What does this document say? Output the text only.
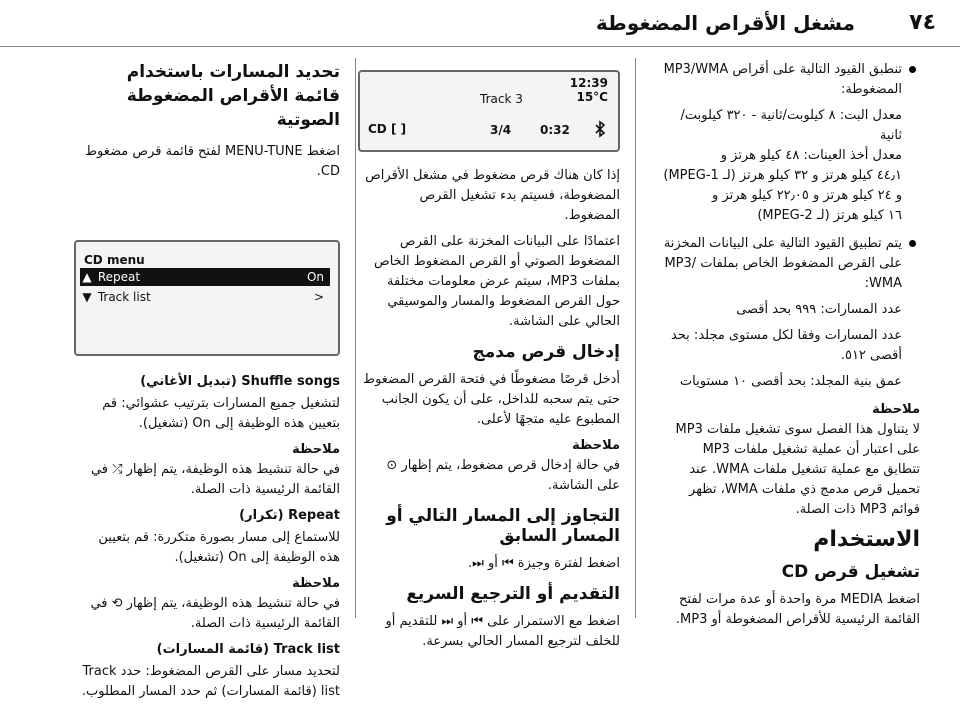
٧٤
مشغل الأقراص المضغوطة

تنطبق القيود التالية على أقراص MP3/WMA المضغوطة:

معدل البت: ٨ كيلوبت/ثانية - ٣٢٠ كيلوبت/ثانية

معدل أخذ العينات: ٤٨ كيلو هرتز و

٤٤٫١ كيلو هرتز و ٣٢ كيلو هرتز (لـ MPEG-1)

و ٢٤ كيلو هرتز و ٢٢٫٠٥ كيلو هرتز و

١٦ كيلو هرتز (لـ MPEG-2)

يتم تطبيق القيود التالية على البيانات المخزنة على القرص المضغوط الخاص بملفات MP3/ WMA:

عدد المسارات: ٩٩٩ بحد أقصى

عدد المسارات وفقا لكل مستوى مجلد: بحد أقصى ٥١٢.

عمق بنية المجلد: بحد أقصى ١٠ مستويات

ملاحظة

لا يتناول هذا الفصل سوى تشغيل ملفات MP3 على اعتبار أن عملية تشغيل ملفات MP3 تتطابق مع عملية تشغيل ملفات WMA. عند تحميل قرص مدمج ذي ملفات WMA، تظهر قوائم MP3 ذات الصلة.

الاستخدام
تشغيل قرص CD

اضغط MEDIA مرة واحدة أو عدة مرات لفتح القائمة الرئيسية للأقراص المضغوطة أو MP3.

12:39
15°C
Track 3
CD [ ]	3/4 0:32

إذا كان هناك قرص مضغوط في مشغل الأقراص المضغوطة، فسيتم بدء تشغيل القرص المضغوط.

اعتمادًا على البيانات المخزنة على القرص المضغوط الصوتي أو القرص المضغوط الخاص بملفات MP3، سيتم عرض معلومات مختلفة حول القرص المضغوط والمسار والموسيقي الحالي على الشاشة.

إدخال قرص مدمج

أدخل قرصًا مضغوطًا في فتحة القرص المضغوط حتى يتم سحبه للداخل، على أن يكون الجانب المطبوع عليه متجهًا لأعلى.

ملاحظة

في حالة إدخال قرص مضغوط، يتم إظهار ⊙ على الشاشة.

التجاوز إلى المسار التالي أو المسار السابق

اضغط لفترة وجيزة ⏮ أو ⏭.

التقديم أو الترجيع السريع

اضغط مع الاستمرار على ⏮ أو ⏭ للتقديم أو للخلف لترجيع المسار الحالي بسرعة.

تحديد المسارات باستخدام قائمة الأقراص المضغوطة الصوتية

اضغط MENU-TUNE لفتح قائمة قرص مضغوط CD.

CD menu
▲ Repeat	On
▼ Track list	>
Shuffle songs (تبديل الأغاني)

لتشغيل جميع المسارات بترتيب عشوائي: قم بتعيين هذه الوظيفة إلى On (تشغيل).

ملاحظة

في حالة تنشيط هذه الوظيفة، يتم إظهار ⤮ في القائمة الرئيسية ذات الصلة.

Repeat (تكرار)

للاستماع إلى مسار بصورة متكررة: قم بتعيين هذه الوظيفة إلى On (تشغيل).

ملاحظة

في حالة تنشيط هذه الوظيفة، يتم إظهار ⟲ في القائمة الرئيسية ذات الصلة.

Track list (قائمة المسارات)

لتحديد مسار على القرص المضغوط: حدد Track list (قائمة المسارات) ثم حدد المسار المطلوب.
